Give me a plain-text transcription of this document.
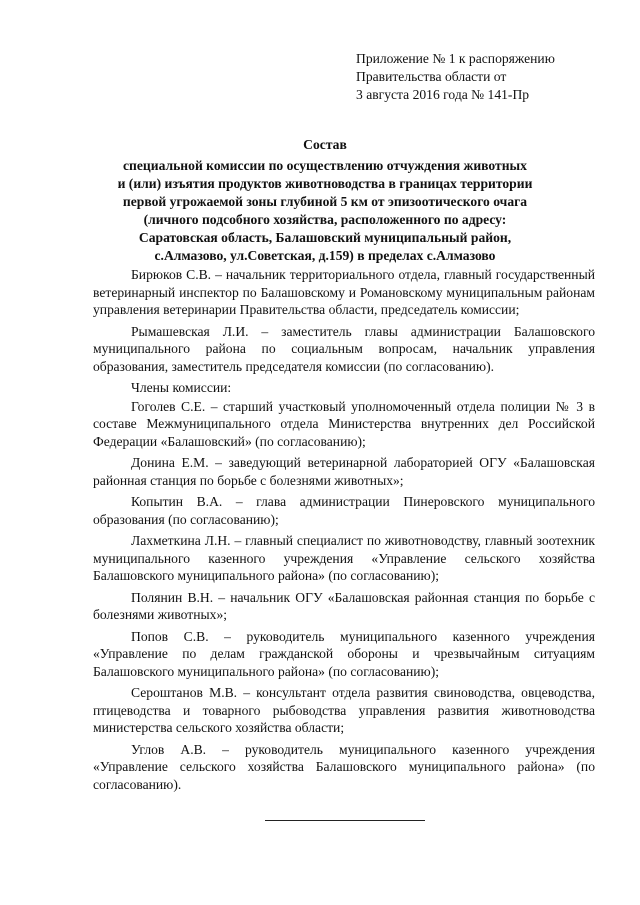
Приложение № 1 к распоряжению
Правительства области от
3 августа 2016 года № 141-Пр
Состав
специальной комиссии по осуществлению отчуждения животных
и (или) изъятия продуктов животноводства в границах территории
первой угрожаемой зоны глубиной 5 км от эпизоотического очага
(личного подсобного хозяйства, расположенного по адресу:
Саратовская область, Балашовский муниципальный район,
с.Алмазово, ул.Советская, д.159) в пределах с.Алмазово

Бирюков С.В. – начальник территориального отдела, главный государственный ветеринарный инспектор по Балашовскому и Романовскому муниципальным районам управления ветеринарии Правительства области, председатель комиссии;

Рымашевская Л.И. – заместитель главы администрации Балашовского муниципального района по социальным вопросам, начальник управления образования, заместитель председателя комиссии (по согласованию).

Члены комиссии:

Гоголев С.Е. – старший участковый уполномоченный отдела полиции № 3 в составе Межмуниципального отдела Министерства внутренних дел Российской Федерации «Балашовский» (по согласованию);

Донина Е.М. – заведующий ветеринарной лабораторией ОГУ «Балашовская районная станция по борьбе с болезнями животных»;

Копытин В.А. – глава администрации Пинеровского муниципального образования (по согласованию);

Лахметкина Л.Н. – главный специалист по животноводству, главный зоотехник муниципального казенного учреждения «Управление сельского хозяйства Балашовского муниципального района» (по согласованию);

Полянин В.Н. – начальник ОГУ «Балашовская районная станция по борьбе с болезнями животных»;

Попов С.В. – руководитель муниципального казенного учреждения «Управление по делам гражданской обороны и чрезвычайным ситуациям Балашовского муниципального района» (по согласованию);

Сероштанов М.В. – консультант отдела развития свиноводства, овцеводства, птицеводства и товарного рыбоводства управления развития животноводства министерства сельского хозяйства области;

Углов А.В. – руководитель муниципального казенного учреждения «Управление сельского хозяйства Балашовского муниципального района» (по согласованию).
